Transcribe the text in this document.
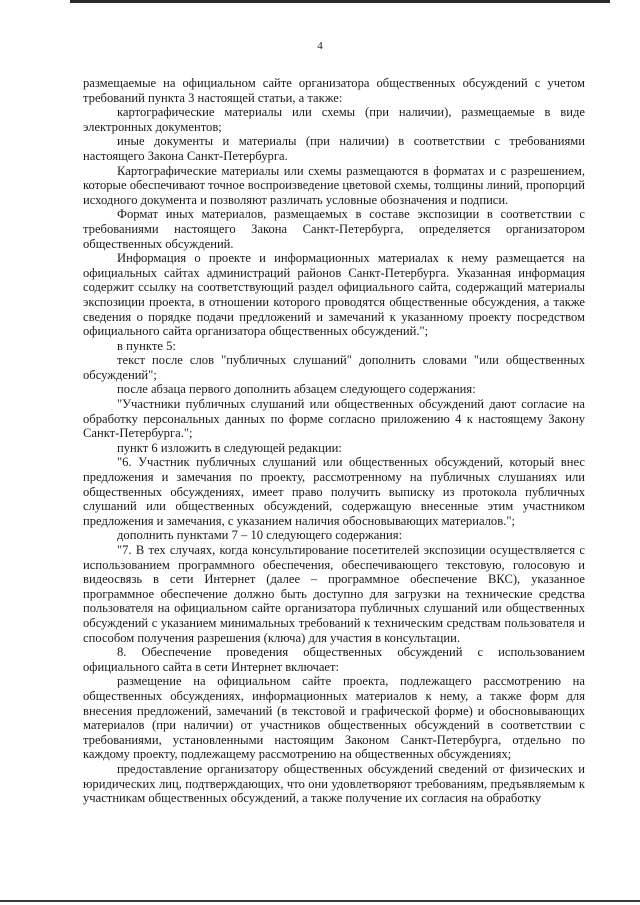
4

размещаемые на официальном сайте организатора общественных обсуждений с учетом требований пункта 3 настоящей статьи, а также:

картографические материалы или схемы (при наличии), размещаемые в виде электронных документов;

иные документы и материалы (при наличии) в соответствии с требованиями настоящего Закона Санкт-Петербурга.

Картографические материалы или схемы размещаются в форматах и с разрешением, которые обеспечивают точное воспроизведение цветовой схемы, толщины линий, пропорций исходного документа и позволяют различать условные обозначения и подписи.

Формат иных материалов, размещаемых в составе экспозиции в соответствии с требованиями настоящего Закона Санкт-Петербурга, определяется организатором общественных обсуждений.

Информация о проекте и информационных материалах к нему размещается на официальных сайтах администраций районов Санкт-Петербурга. Указанная информация содержит ссылку на соответствующий раздел официального сайта, содержащий материалы экспозиции проекта, в отношении которого проводятся общественные обсуждения, а также сведения о порядке подачи предложений и замечаний к указанному проекту посредством официального сайта организатора общественных обсуждений.";

в пункте 5:

текст после слов "публичных слушаний" дополнить словами "или общественных обсуждений";

после абзаца первого дополнить абзацем следующего содержания:

"Участники публичных слушаний или общественных обсуждений дают согласие на обработку персональных данных по форме согласно приложению 4 к настоящему Закону Санкт-Петербурга.";

пункт 6 изложить в следующей редакции:

"6. Участник публичных слушаний или общественных обсуждений, который внес предложения и замечания по проекту, рассмотренному на публичных слушаниях или общественных обсуждениях, имеет право получить выписку из протокола публичных слушаний или общественных обсуждений, содержащую внесенные этим участником предложения и замечания, с указанием наличия обосновывающих материалов.";

дополнить пунктами 7 – 10 следующего содержания:

"7. В тех случаях, когда консультирование посетителей экспозиции осуществляется с использованием программного обеспечения, обеспечивающего текстовую, голосовую и видеосвязь в сети Интернет (далее – программное обеспечение ВКС), указанное программное обеспечение должно быть доступно для загрузки на технические средства пользователя на официальном сайте организатора публичных слушаний или общественных обсуждений с указанием минимальных требований к техническим средствам пользователя и способом получения разрешения (ключа) для участия в консультации.

8. Обеспечение проведения общественных обсуждений с использованием официального сайта в сети Интернет включает:

размещение на официальном сайте проекта, подлежащего рассмотрению на общественных обсуждениях, информационных материалов к нему, а также форм для внесения предложений, замечаний (в текстовой и графической форме) и обосновывающих материалов (при наличии) от участников общественных обсуждений в соответствии с требованиями, установленными настоящим Законом Санкт-Петербурга, отдельно по каждому проекту, подлежащему рассмотрению на общественных обсуждениях;

предоставление организатору общественных обсуждений сведений от физических и юридических лиц, подтверждающих, что они удовлетворяют требованиям, предъявляемым к участникам общественных обсуждений, а также получение их согласия на обработку
